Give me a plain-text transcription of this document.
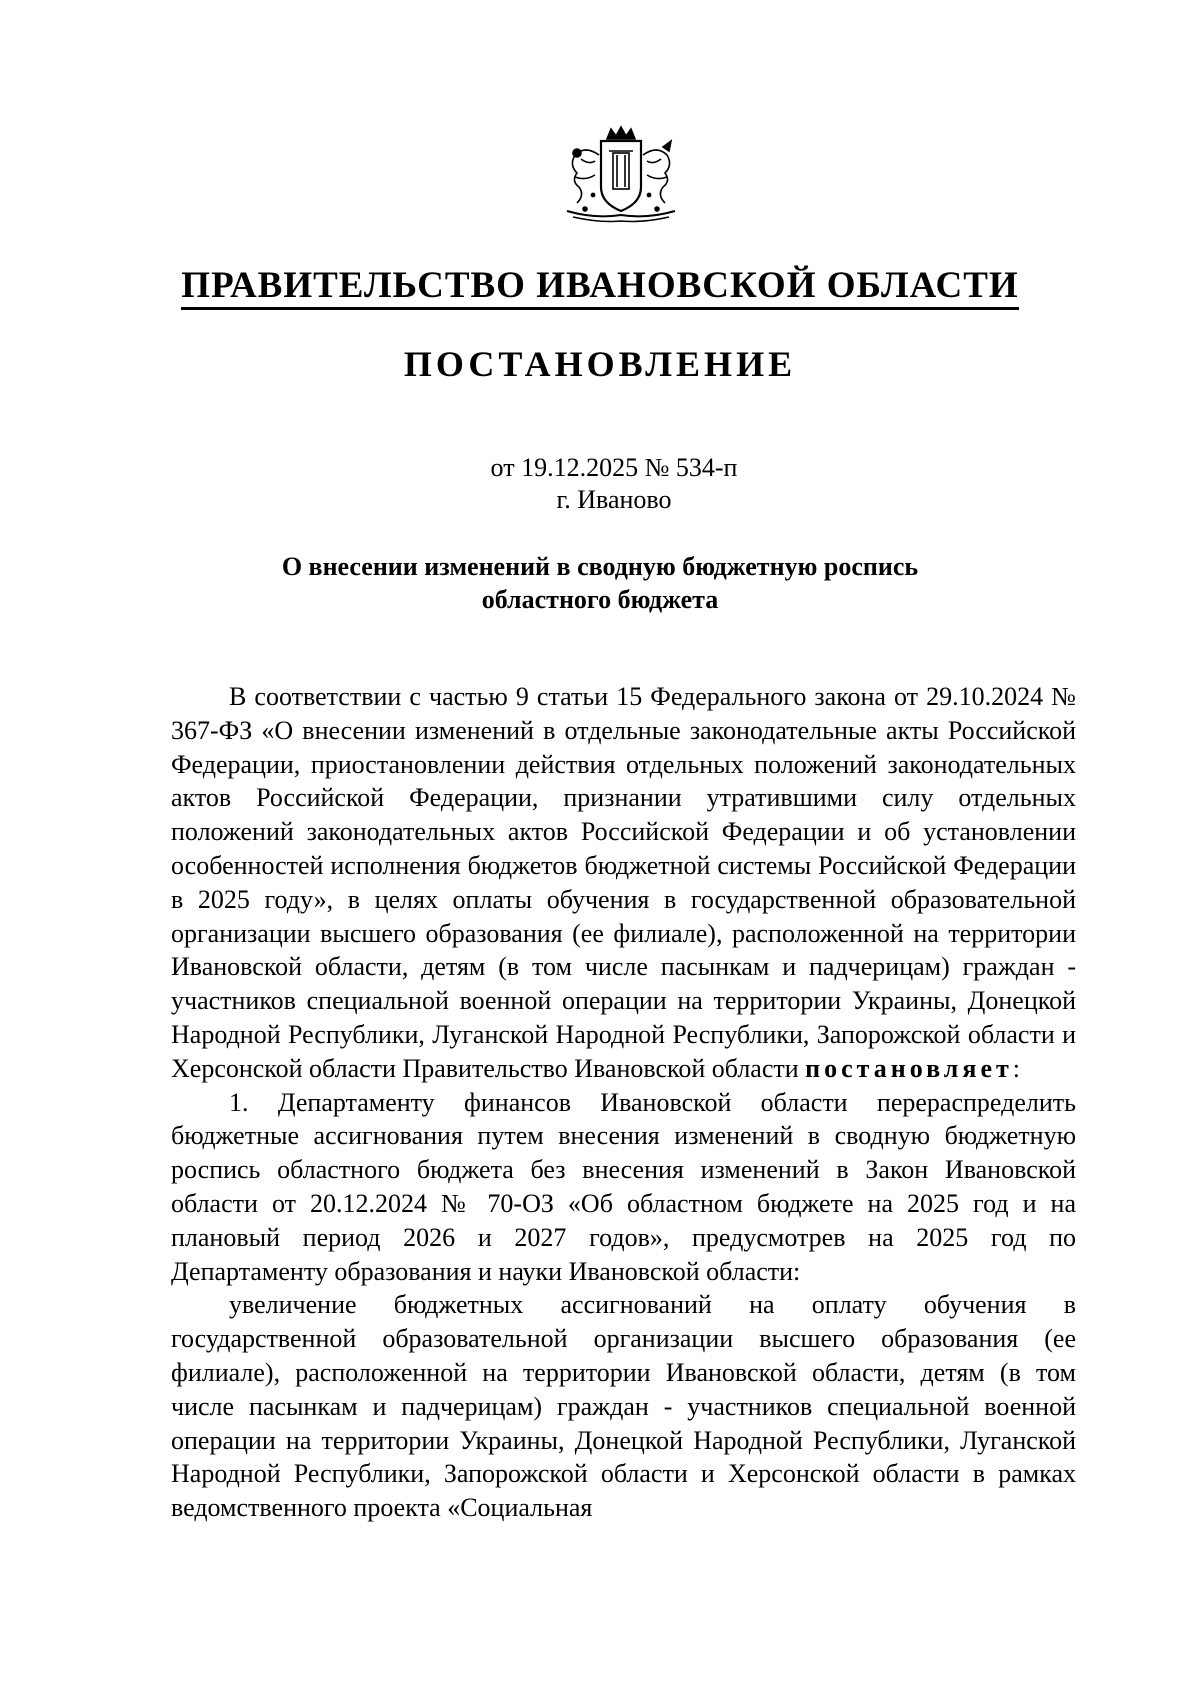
ПРАВИТЕЛЬСТВО ИВАНОВСКОЙ ОБЛАСТИ
ПОСТАНОВЛЕНИЕ
от 19.12.2025 № 534-п
г. Иваново
О внесении изменений в сводную бюджетную роспись
областного бюджета

В соответствии с частью 9 статьи 15 Федерального закона от 29.10.2024 № 367-ФЗ «О внесении изменений в отдельные законодательные акты Российской Федерации, приостановлении действия отдельных положений законодательных актов Российской Федерации, признании утратившими силу отдельных положений законодательных актов Российской Федерации и об установлении особенностей исполнения бюджетов бюджетной системы Российской Федерации в 2025 году», в целях оплаты обучения в государственной образовательной организации высшего образования (ее филиале), расположенной на территории Ивановской области, детям (в том числе пасынкам и падчерицам) граждан - участников специальной военной операции на территории Украины, Донецкой Народной Республики, Луганской Народной Республики, Запорожской области и Херсонской области Правительство Ивановской области постановляет:

1. Департаменту финансов Ивановской области перераспределить бюджетные ассигнования путем внесения изменений в сводную бюджетную роспись областного бюджета без внесения изменений в Закон Ивановской области от 20.12.2024 № 70-ОЗ «Об областном бюджете на 2025 год и на плановый период 2026 и 2027 годов», предусмотрев на 2025 год по Департаменту образования и науки Ивановской области:

увеличение бюджетных ассигнований на оплату обучения в государственной образовательной организации высшего образования (ее филиале), расположенной на территории Ивановской области, детям (в том числе пасынкам и падчерицам) граждан - участников специальной военной операции на территории Украины, Донецкой Народной Республики, Луганской Народной Республики, Запорожской области и Херсонской области в рамках ведомственного проекта «Социальная
